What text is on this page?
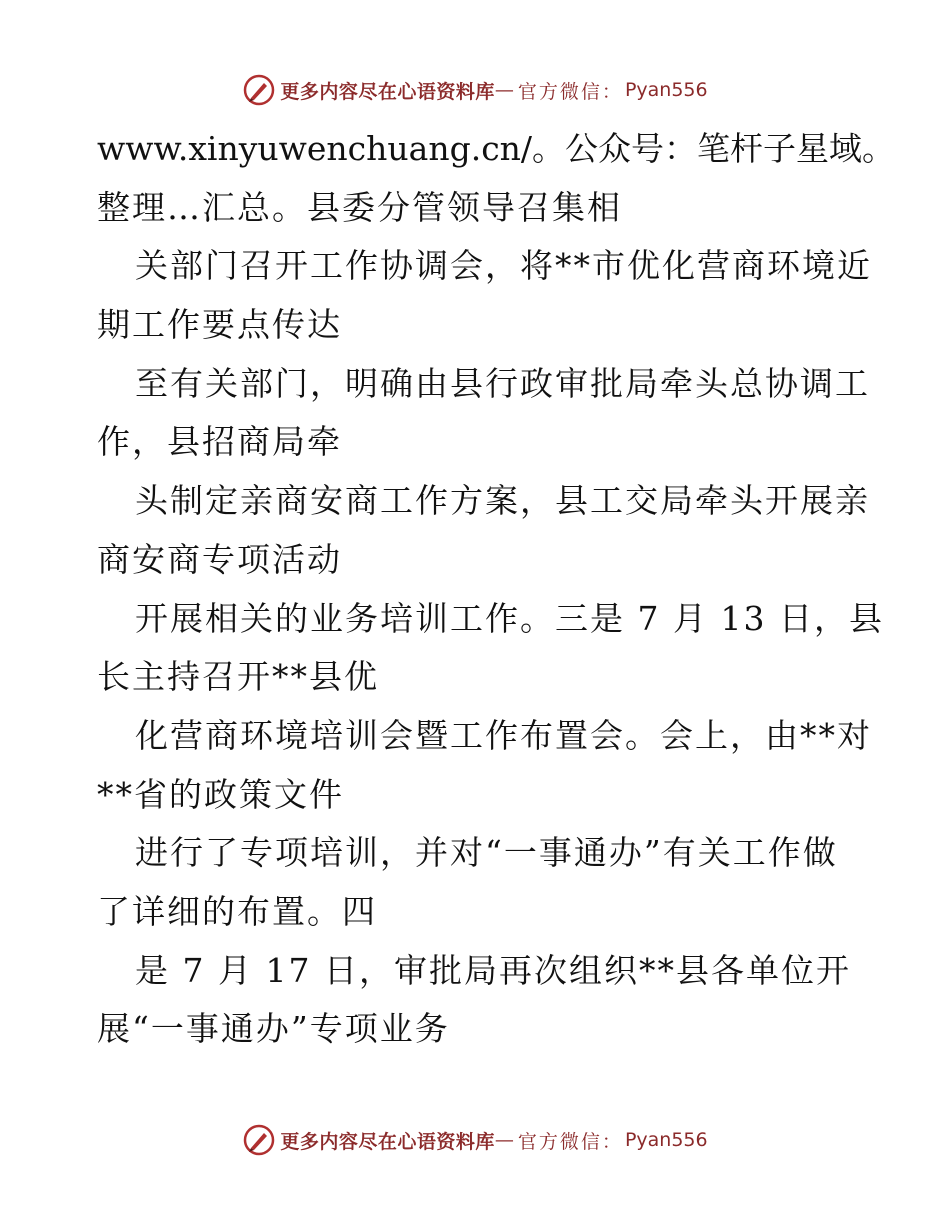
更多内容尽在心语资料库 — 官方微信： Pyan556
www.xinyuwenchuang.cn/。公众号：笔杆子星域。
整理…汇总。县委分管领导召集相
关部门召开工作协调会，将**市优化营商环境近
期工作要点传达
至有关部门，明确由县行政审批局牵头总协调工
作，县招商局牵
头制定亲商安商工作方案，县工交局牵头开展亲
商安商专项活动
开展相关的业务培训工作。三是 7 月 13 日，县
长主持召开**县优
化营商环境培训会暨工作布置会。会上，由**对
**省的政策文件
进行了专项培训，并对“一事通办”有关工作做
了详细的布置。四
是 7 月 17 日，审批局再次组织**县各单位开
展“一事通办”专项业务
更多内容尽在心语资料库 — 官方微信： Pyan556
